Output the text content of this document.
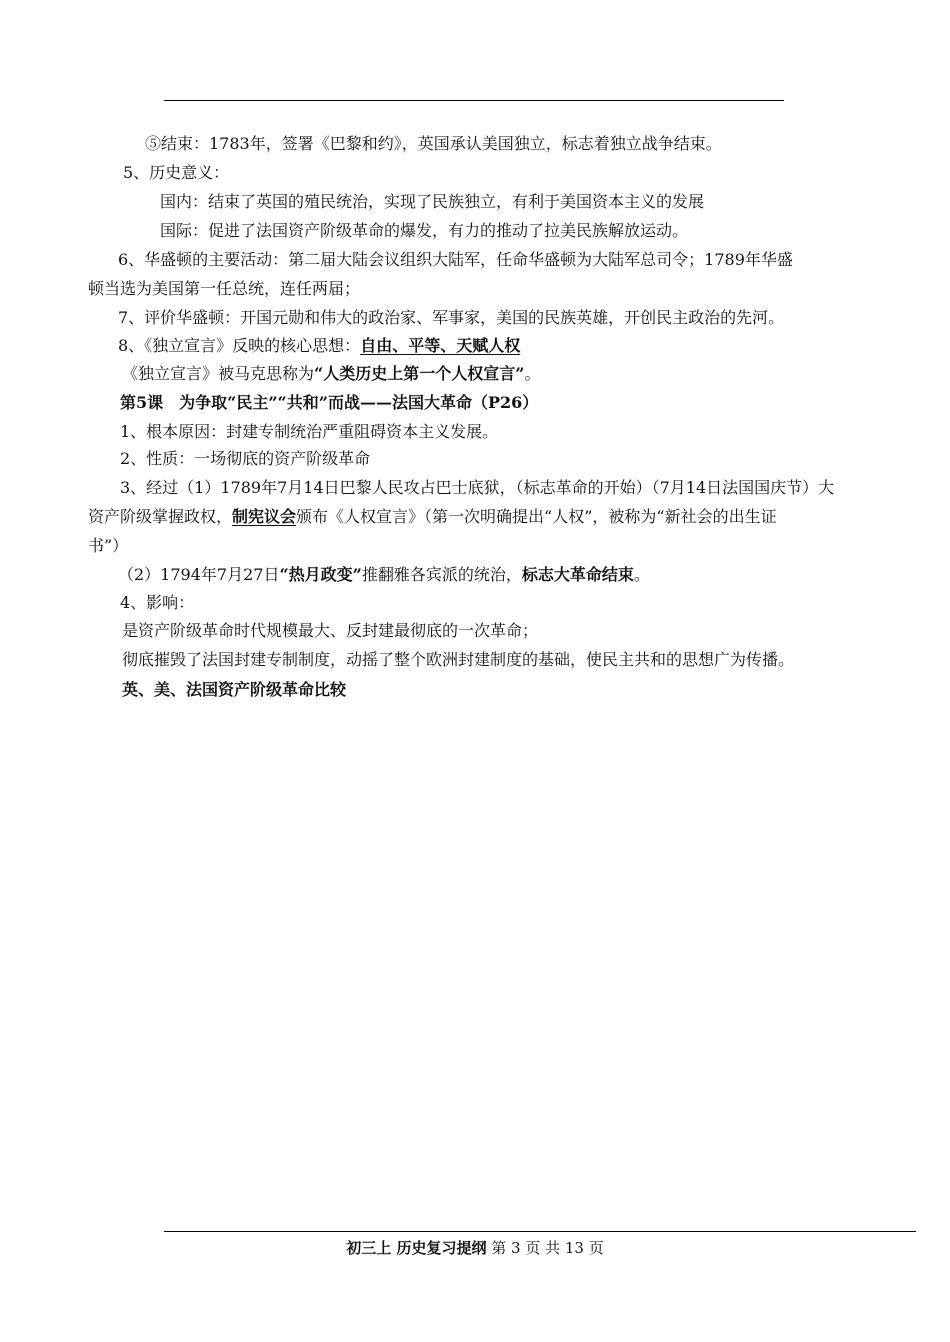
⑤结束：1783年，签署《巴黎和约》，英国承认美国独立，标志着独立战争结束。
5、历史意义：
国内：结束了英国的殖民统治，实现了民族独立，有利于美国资本主义的发展
国际：促进了法国资产阶级革命的爆发，有力的推动了拉美民族解放运动。
6、华盛顿的主要活动：第二届大陆会议组织大陆军，任命华盛顿为大陆军总司令；1789年华盛
顿当选为美国第一任总统，连任两届；
7、评价华盛顿：开国元勋和伟大的政治家、军事家，美国的民族英雄，开创民主政治的先河。
8、《独立宣言》反映的核心思想：自由、平等、天赋人权
《独立宣言》被马克思称为“人类历史上第一个人权宣言”。
第5课　为争取“民主”“共和”而战——法国大革命（P26）
1、根本原因：封建专制统治严重阻碍资本主义发展。
2、性质：一场彻底的资产阶级革命
3、经过（1）1789年7月14日巴黎人民攻占巴士底狱，（标志革命的开始）（7月14日法国国庆节）大
资产阶级掌握政权，制宪议会颁布《人权宣言》（第一次明确提出“人权”，被称为“新社会的出生证
书”）
（2）1794年7月27日“热月政变”推翻雅各宾派的统治，标志大革命结束。
4、影响：
是资产阶级革命时代规模最大、反封建最彻底的一次革命；
彻底摧毁了法国封建专制制度，动摇了整个欧洲封建制度的基础，使民主共和的思想广为传播。
英、美、法国资产阶级革命比较
初三上 历史复习提纲 第 3 页 共 13 页
